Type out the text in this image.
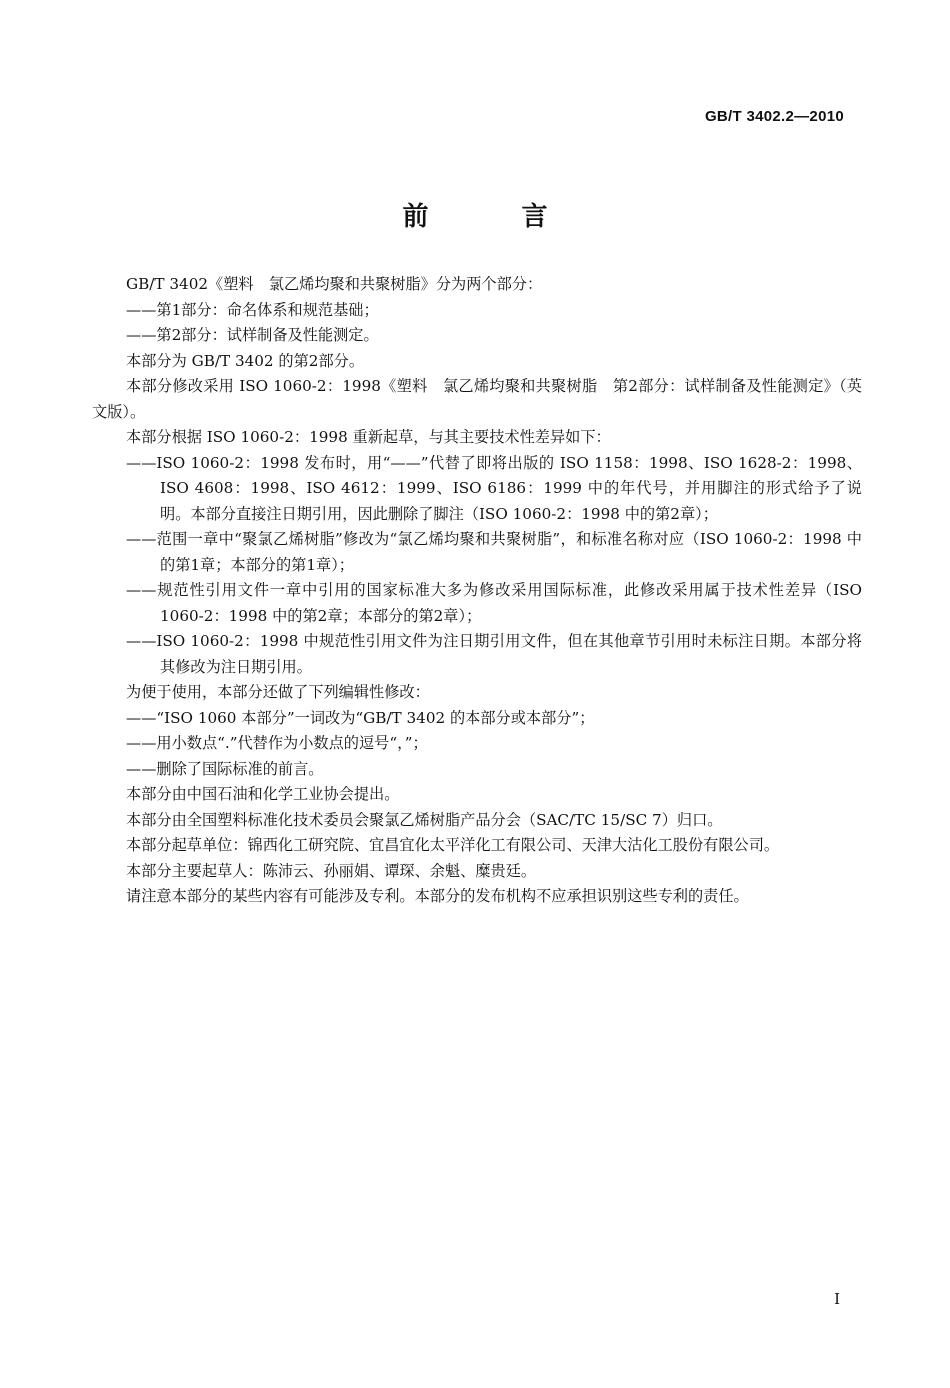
GB/T 3402.2—2010
前 言

GB/T 3402《塑料　氯乙烯均聚和共聚树脂》分为两个部分：

——第1部分：命名体系和规范基础；

——第2部分：试样制备及性能测定。

本部分为 GB/T 3402 的第2部分。

本部分修改采用 ISO 1060-2：1998《塑料　氯乙烯均聚和共聚树脂　第2部分：试样制备及性能测定》（英文版）。

本部分根据 ISO 1060-2：1998 重新起草，与其主要技术性差异如下：

——ISO 1060-2：1998 发布时，用“——”代替了即将出版的 ISO 1158：1998、ISO 1628-2：1998、ISO 4608：1998、ISO 4612：1999、ISO 6186：1999 中的年代号，并用脚注的形式给予了说明。本部分直接注日期引用，因此删除了脚注（ISO 1060-2：1998 中的第2章）；

——范围一章中“聚氯乙烯树脂”修改为“氯乙烯均聚和共聚树脂”，和标准名称对应（ISO 1060-2：1998 中的第1章；本部分的第1章）；

——规范性引用文件一章中引用的国家标准大多为修改采用国际标准，此修改采用属于技术性差异（ISO 1060-2：1998 中的第2章；本部分的第2章）；

——ISO 1060-2：1998 中规范性引用文件为注日期引用文件，但在其他章节引用时未标注日期。本部分将其修改为注日期引用。

为便于使用，本部分还做了下列编辑性修改：

——“ISO 1060 本部分”一词改为“GB/T 3402 的本部分或本部分”；

——用小数点“.”代替作为小数点的逗号“，”；

——删除了国际标准的前言。

本部分由中国石油和化学工业协会提出。

本部分由全国塑料标准化技术委员会聚氯乙烯树脂产品分会（SAC/TC 15/SC 7）归口。

本部分起草单位：锦西化工研究院、宜昌宜化太平洋化工有限公司、天津大沽化工股份有限公司。

本部分主要起草人：陈沛云、孙丽娟、谭琛、余魁、糜贵廷。

请注意本部分的某些内容有可能涉及专利。本部分的发布机构不应承担识别这些专利的责任。

I
